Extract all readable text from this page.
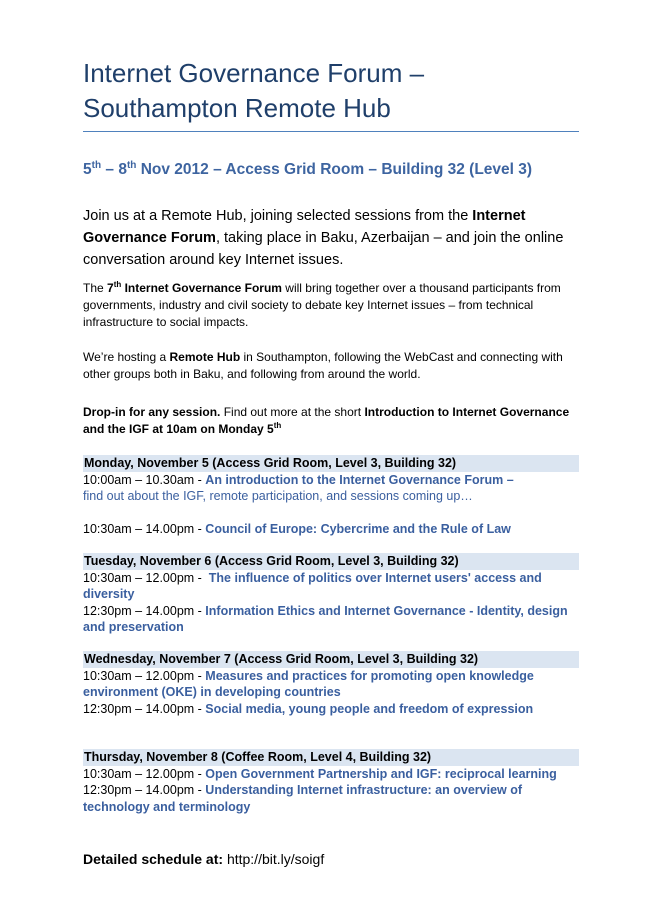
Internet Governance Forum –
Southampton Remote Hub
5th – 8th Nov 2012 – Access Grid Room – Building 32 (Level 3)
Join us at a Remote Hub, joining selected sessions from the Internet Governance Forum, taking place in Baku, Azerbaijan – and join the online conversation around key Internet issues.
The 7th Internet Governance Forum will bring together over a thousand participants from governments, industry and civil society to debate key Internet issues – from technical infrastructure to social impacts.
We’re hosting a Remote Hub in Southampton, following the WebCast and connecting with other groups both in Baku, and following from around the world.
Drop-in for any session. Find out more at the short Introduction to Internet Governance and the IGF at 10am on Monday 5th
Monday, November 5 (Access Grid Room, Level 3, Building 32)
10:00am – 10.30am - An introduction to the Internet Governance Forum –
find out about the IGF, remote participation, and sessions coming up…
10:30am – 14.00pm - Council of Europe: Cybercrime and the Rule of Law
Tuesday, November 6 (Access Grid Room, Level 3, Building 32)
10:30am – 12.00pm -  The influence of politics over Internet users' access and diversity
12:30pm – 14.00pm - Information Ethics and Internet Governance - Identity, design and preservation
Wednesday, November 7 (Access Grid Room, Level 3, Building 32)
10:30am – 12.00pm - Measures and practices for promoting open knowledge environment (OKE) in developing countries
12:30pm – 14.00pm - Social media, young people and freedom of expression
Thursday, November 8 (Coffee Room, Level 4, Building 32)
10:30am – 12.00pm - Open Government Partnership and IGF: reciprocal learning
12:30pm – 14.00pm - Understanding Internet infrastructure: an overview of technology and terminology
Detailed schedule at: http://bit.ly/soigf
